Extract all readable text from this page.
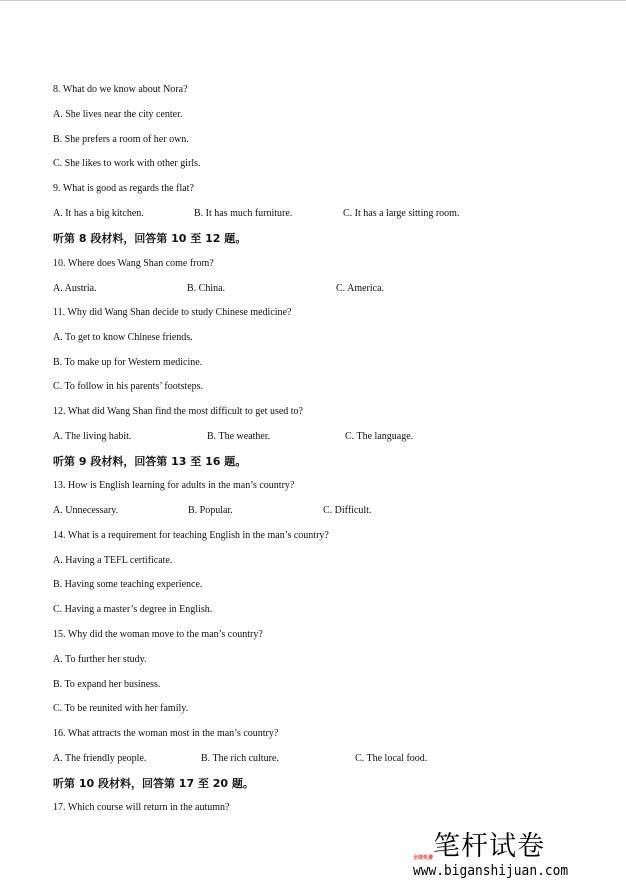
8. What do we know about Nora?
A. She lives near the city center.
B. She prefers a room of her own.
C. She likes to work with other girls.
9. What is good as regards the flat?
A. It has a big kitchen.	B. It has much furniture.	C. It has a large sitting room.
听第 8 段材料，回答第 10 至 12 题。
10. Where does Wang Shan come from?
A. Austria.	B. China.	C. America.
11. Why did Wang Shan decide to study Chinese medicine?
A. To get to know Chinese friends.
B. To make up for Western medicine.
C. To follow in his parents’ footsteps.
12. What did Wang Shan find the most difficult to get used to?
A. The living habit.	B. The weather.	C. The language.
听第 9 段材料，回答第 13 至 16 题。
13. How is English learning for adults in the man’s country?
A. Unnecessary.	B. Popular.	C. Difficult.
14. What is a requirement for teaching English in the man’s country?
A. Having a TEFL certificate.
B. Having some teaching experience.
C. Having a master’s degree in English.
15. Why did the woman move to the man’s country?
A. To further her study.
B. To expand her business.
C. To be reunited with her family.
16. What attracts the woman most in the man’s country?
A. The friendly people.	B. The rich culture.	C. The local food.
听第 10 段材料，回答第 17 至 20 题。
17. Which course will return in the autumn?
笔杆试卷
全部免费
www.biganshijuan.com
